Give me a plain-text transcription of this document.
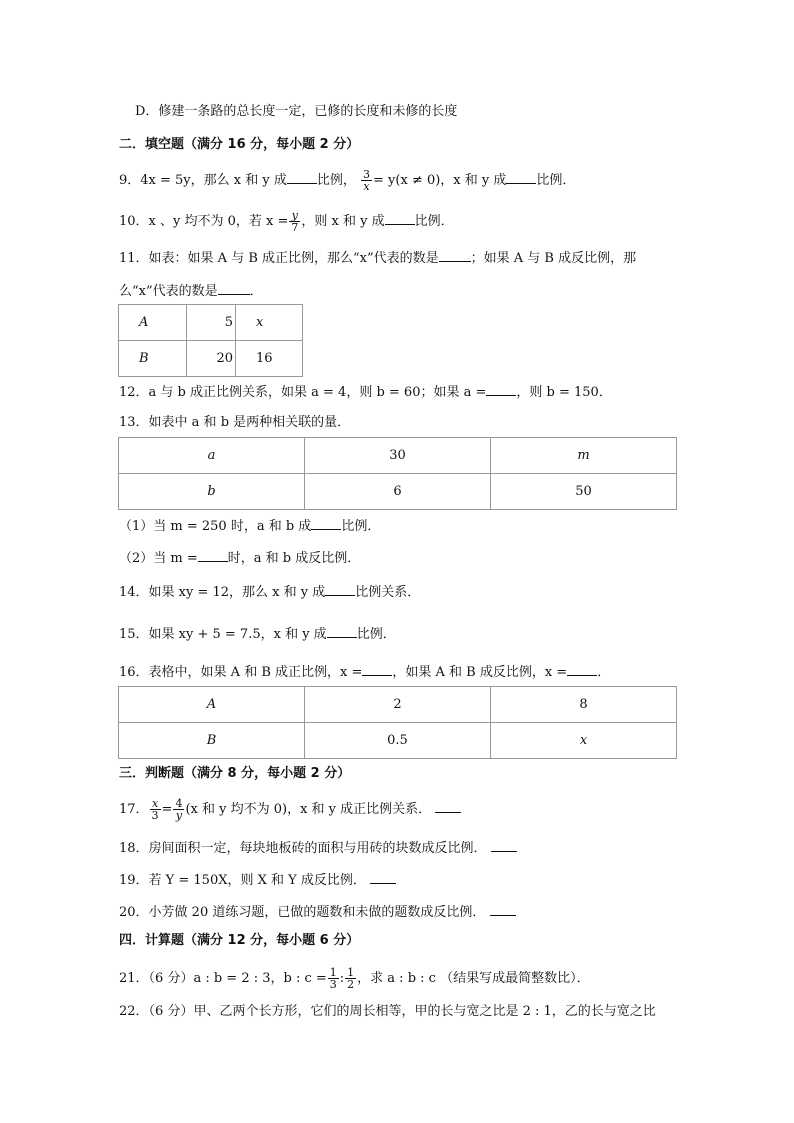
D．修建一条路的总长度一定，已修的长度和未修的长度
二．填空题（满分 16 分，每小题 2 分）
9．4x = 5y，那么 x 和 y 成 比例， $\frac{3}{x} = y(x \ne 0)$，x 和 y 成 比例．
10．x 、y 均不为 0，若 $x = \frac{y}{7}$ ，则 x 和 y 成 比例．
11．如表：如果 A 与 B 成正比例，那么“x”代表的数是 ；如果 A 与 B 成反比例，那
么“x”代表的数是 ．
A	5	x
B	20	16
12．a 与 b 成正比例关系，如果 a = 4，则 b = 60；如果 a = ，则 b = 150．
13．如表中 a 和 b 是两种相关联的量．
a	30	m
b	6	50
（1）当 m = 250 时，a 和 b 成 比例．
（2）当 m = 时，a 和 b 成反比例．
14．如果 xy = 12，那么 x 和 y 成 比例关系．
15．如果 xy + 5 = 7.5，x 和 y 成 比例．
16．表格中，如果 A 和 B 成正比例，x = ，如果 A 和 B 成反比例，x = ．
A	2	8
B	0.5	x
三．判断题（满分 8 分，每小题 2 分）
17． $\frac{x}{3} = \frac{4}{y} (x$ 和 y 均不为 0)，x 和 y 成正比例关系．
18．房间面积一定，每块地板砖的面积与用砖的块数成反比例．
19．若 Y = 150X，则 X 和 Y 成反比例．
20．小芳做 20 道练习题，已做的题数和未做的题数成反比例．
四．计算题（满分 12 分，每小题 6 分）
21．（6 分）a : b = 2 : 3，b : $c = \frac{1}{3}$ : $\frac{1}{2}$ ，求 a : b : c （结果写成最简整数比）．
22．（6 分）甲、乙两个长方形，它们的周长相等，甲的长与宽之比是 2 : 1，乙的长与宽之比
